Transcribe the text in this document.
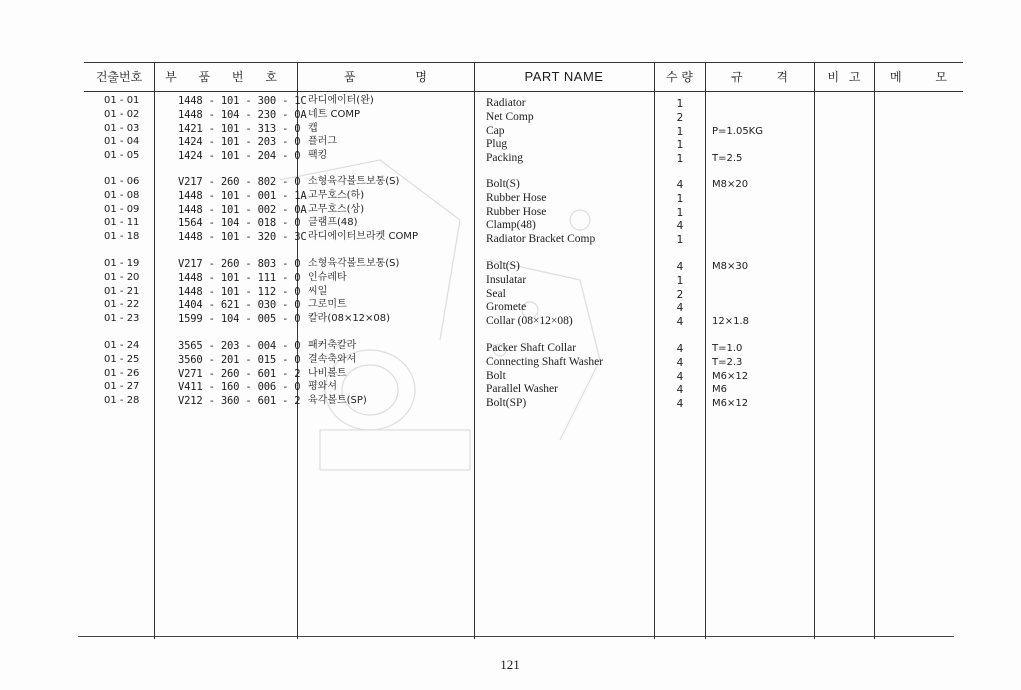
건출번호	부 품 번 호	품 명	PART NAME	수 량	규 격	비 고	메 모
01 - 01	1448 - 101 - 300 - 1C 라디에이터(완)	Radiator	1
01 - 02	1448 - 104 - 230 - 0A 네트 COMP	Net Comp	2
01 - 03	1421 - 101 - 313 - 0 캡	Cap	1	P=1.05KG
01 - 04	1424 - 101 - 203 - 0 플러그	Plug	1
01 - 05	1424 - 101 - 204 - 0 팩킹	Packing	1	T=2.5
01 - 06	V217 - 260 - 802 - 0 소형육각볼트보통(S)	Bolt(S)	4	M8×20
01 - 08	1448 - 101 - 001 - 1A 고무호스(하)	Rubber Hose	1
01 - 09	1448 - 101 - 002 - 0A 고무호스(상)	Rubber Hose	1
01 - 11	1564 - 104 - 018 - 0 클램프(48)	Clamp(48)	4
01 - 18	1448 - 101 - 320 - 3C 라디에이터브라켓 COMP	Radiator Bracket Comp	1
01 - 19	V217 - 260 - 803 - 0 소형육각볼트보통(S)	Bolt(S)	4	M8×30
01 - 20	1448 - 101 - 111 - 0 인슈레타	Insulatar	1
01 - 21	1448 - 101 - 112 - 0 씨일	Seal	2
01 - 22	1404 - 621 - 030 - 0 그로미트	Gromete	4
01 - 23	1599 - 104 - 005 - 0 칼라(08×12×08)	Collar (08×12×08)	4	12×1.8
01 - 24	3565 - 203 - 004 - 0 패커축칼라	Packer Shaft Collar	4	T=1.0
01 - 25	3560 - 201 - 015 - 0 결속축와셔	Connecting Shaft Washer	4	T=2.3
01 - 26	V271 - 260 - 601 - 2 나비볼트	Bolt	4	M6×12
01 - 27	V411 - 160 - 006 - 0 평와셔	Parallel Washer	4	M6
01 - 28	V212 - 360 - 601 - 2 육각볼트(SP)	Bolt(SP)	4	M6×12
121
